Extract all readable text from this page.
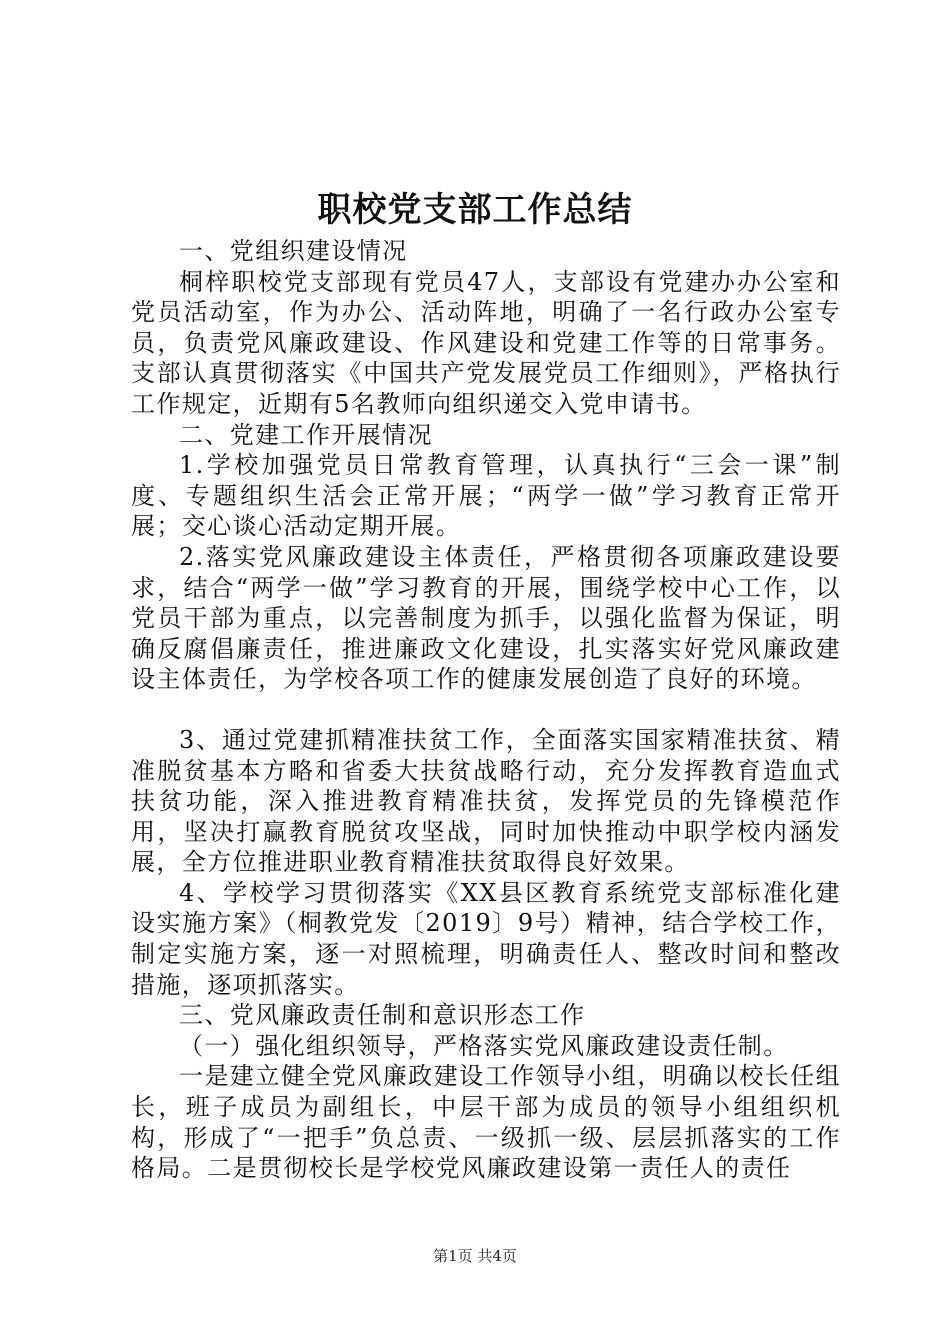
职校党支部工作总结

一、党组织建设情况

桐梓职校党支部现有党员47人，支部设有党建办办公室和党员活动室，作为办公、活动阵地，明确了一名行政办公室专员，负责党风廉政建设、作风建设和党建工作等的日常事务。支部认真贯彻落实《中国共产党发展党员工作细则》，严格执行工作规定，近期有5名教师向组织递交入党申请书。

二、党建工作开展情况

1.学校加强党员日常教育管理，认真执行“三会一课”制度、专题组织生活会正常开展；“两学一做”学习教育正常开展；交心谈心活动定期开展。

2.落实党风廉政建设主体责任，严格贯彻各项廉政建设要求，结合“两学一做”学习教育的开展，围绕学校中心工作，以党员干部为重点，以完善制度为抓手，以强化监督为保证，明确反腐倡廉责任，推进廉政文化建设，扎实落实好党风廉政建设主体责任，为学校各项工作的健康发展创造了良好的环境。

3、通过党建抓精准扶贫工作，全面落实国家精准扶贫、精准脱贫基本方略和省委大扶贫战略行动，充分发挥教育造血式扶贫功能，深入推进教育精准扶贫，发挥党员的先锋模范作用，坚决打赢教育脱贫攻坚战，同时加快推动中职学校内涵发展，全方位推进职业教育精准扶贫取得良好效果。

4、学校学习贯彻落实《XX县区教育系统党支部标准化建设实施方案》（桐教党发〔2019〕9号）精神，结合学校工作，制定实施方案，逐一对照梳理，明确责任人、整改时间和整改措施，逐项抓落实。

三、党风廉政责任制和意识形态工作

（一）强化组织领导，严格落实党风廉政建设责任制。

一是建立健全党风廉政建设工作领导小组，明确以校长任组长，班子成员为副组长，中层干部为成员的领导小组组织机构，形成了“一把手”负总责、一级抓一级、层层抓落实的工作格局。二是贯彻校长是学校党风廉政建设第一责任人的责任

第1页 共4页
